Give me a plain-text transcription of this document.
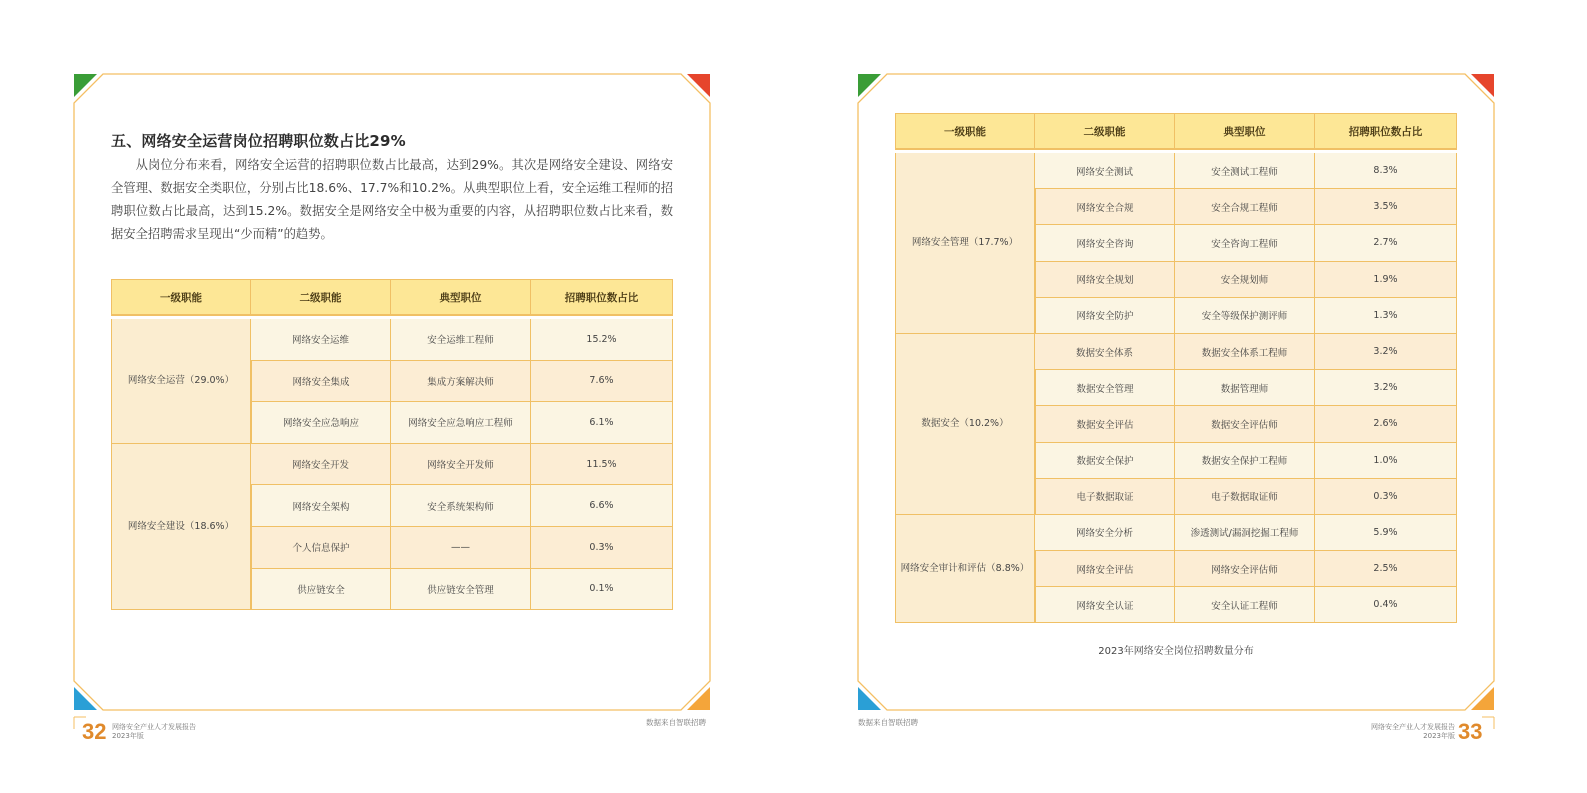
五、网络安全运营岗位招聘职位数占比29%
从岗位分布来看，网络安全运营的招聘职位数占比最高，达到29%。其次是网络安全建设、网络安全管理、数据安全类职位，分别占比18.6%、17.7%和10.2%。从典型职位上看，安全运维工程师的招聘职位数占比最高，达到15.2%。数据安全是网络安全中极为重要的内容，从招聘职位数占比来看，数据安全招聘需求呈现出“少而精”的趋势。
一级职能	二级职能	典型职位	招聘职位数占比

网络安全运营（29.0%）	网络安全运维	安全运维工程师	15.2%
	网络安全集成	集成方案解决师	7.6%
	网络安全应急响应	网络安全应急响应工程师	6.1%
网络安全建设（18.6%）	网络安全开发	网络安全开发师	11.5%
	网络安全架构	安全系统架构师	6.6%
	个人信息保护	——	0.3%
	供应链安全	供应链安全管理	0.1%
数据来自智联招聘
32 网络安全产业人才发展报告
2023年版
一级职能	二级职能	典型职位	招聘职位数占比

网络安全管理（17.7%）	网络安全测试	安全测试工程师	8.3%
	网络安全合规	安全合规工程师	3.5%
	网络安全咨询	安全咨询工程师	2.7%
	网络安全规划	安全规划师	1.9%
	网络安全防护	安全等级保护测评师	1.3%
数据安全（10.2%）	数据安全体系	数据安全体系工程师	3.2%
	数据安全管理	数据管理师	3.2%
	数据安全评估	数据安全评估师	2.6%
	数据安全保护	数据安全保护工程师	1.0%
	电子数据取证	电子数据取证师	0.3%
网络安全审计和评估（8.8%）	网络安全分析	渗透测试/漏洞挖掘工程师	5.9%
	网络安全评估	网络安全评估师	2.5%
	网络安全认证	安全认证工程师	0.4%
2023年网络安全岗位招聘数量分布
数据来自智联招聘	网络安全产业人才发展报告
2023年版 33
